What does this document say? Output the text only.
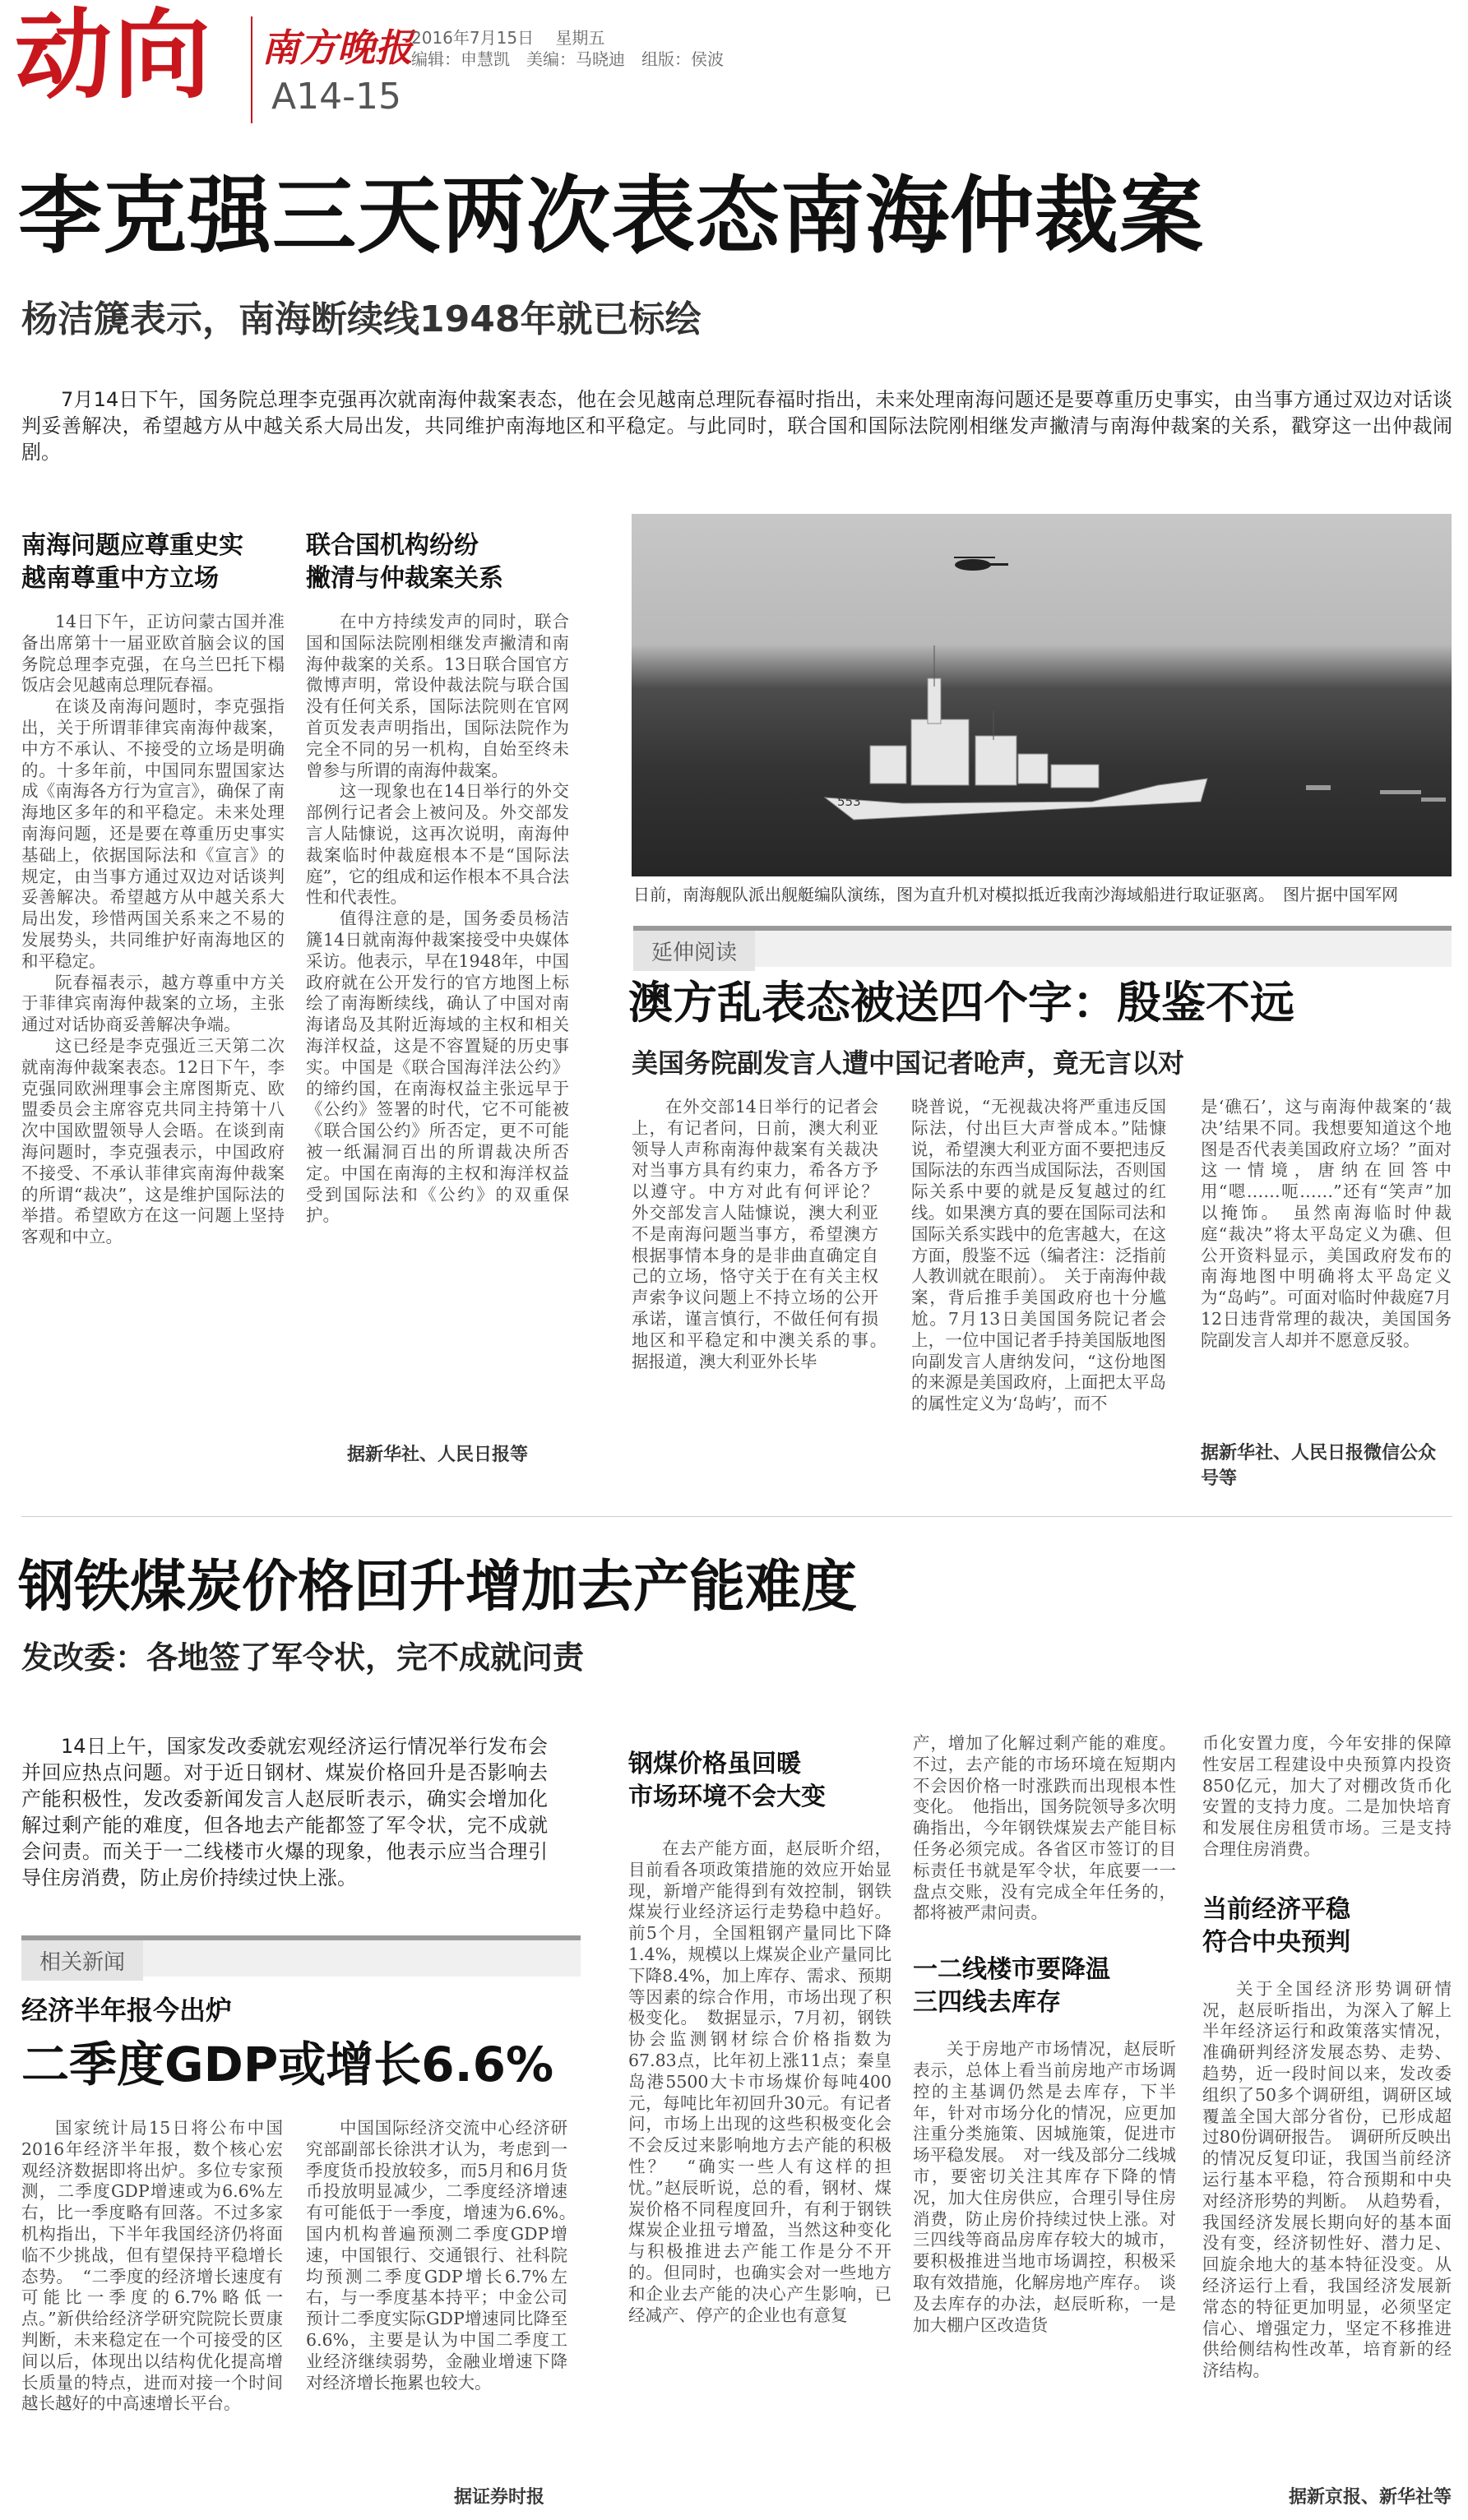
动向 南方晚报
2016年7月15日　 星期五
编辑：申慧凯　美编：马晓迪　组版：侯波
A14-15
李克强三天两次表态南海仲裁案
杨洁篪表示，南海断续线1948年就已标绘
7月14日下午，国务院总理李克强再次就南海仲裁案表态，他在会见越南总理阮春福时指出，未来处理南海问题还是要尊重历史事实，由当事方通过双边对话谈判妥善解决，希望越方从中越关系大局出发，共同维护南海地区和平稳定。与此同时，联合国和国际法院刚相继发声撇清与南海仲裁案的关系，戳穿这一出仲裁闹剧。
南海问题应尊重史实
越南尊重中方立场

14日下午，正访问蒙古国并准备出席第十一届亚欧首脑会议的国务院总理李克强，在乌兰巴托下榻饭店会见越南总理阮春福。

在谈及南海问题时，李克强指出，关于所谓菲律宾南海仲裁案，中方不承认、不接受的立场是明确的。十多年前，中国同东盟国家达成《南海各方行为宣言》，确保了南海地区多年的和平稳定。未来处理南海问题，还是要在尊重历史事实基础上，依据国际法和《宣言》的规定，由当事方通过双边对话谈判妥善解决。希望越方从中越关系大局出发，珍惜两国关系来之不易的发展势头，共同维护好南海地区的和平稳定。

阮春福表示，越方尊重中方关于菲律宾南海仲裁案的立场，主张通过对话协商妥善解决争端。

这已经是李克强近三天第二次就南海仲裁案表态。12日下午，李克强同欧洲理事会主席图斯克、欧盟委员会主席容克共同主持第十八次中国欧盟领导人会晤。在谈到南海问题时，李克强表示，中国政府不接受、不承认菲律宾南海仲裁案的所谓“裁决”，这是维护国际法的举措。希望欧方在这一问题上坚持客观和中立。

联合国机构纷纷
撇清与仲裁案关系

在中方持续发声的同时，联合国和国际法院刚相继发声撇清和南海仲裁案的关系。13日联合国官方微博声明，常设仲裁法院与联合国没有任何关系，国际法院则在官网首页发表声明指出，国际法院作为完全不同的另一机构，自始至终未曾参与所谓的南海仲裁案。

这一现象也在14日举行的外交部例行记者会上被问及。外交部发言人陆慷说，这再次说明，南海仲裁案临时仲裁庭根本不是“国际法庭”，它的组成和运作根本不具合法性和代表性。

值得注意的是，国务委员杨洁篪14日就南海仲裁案接受中央媒体采访。他表示，早在1948年，中国政府就在公开发行的官方地图上标绘了南海断续线，确认了中国对南海诸岛及其附近海域的主权和相关海洋权益，这是不容置疑的历史事实。中国是《联合国海洋法公约》的缔约国，在南海权益主张远早于《公约》签署的时代，它不可能被《联合国公约》所否定，更不可能被一纸漏洞百出的所谓裁决所否定。中国在南海的主权和海洋权益受到国际法和《公约》的双重保护。

据新华社、人民日报等
553
日前，南海舰队派出舰艇编队演练，图为直升机对模拟抵近我南沙海域船进行取证驱离。　图片据中国军网
延伸阅读
澳方乱表态被送四个字：殷鉴不远
美国务院副发言人遭中国记者呛声，竟无言以对
在外交部14日举行的记者会上，有记者问，日前，澳大利亚领导人声称南海仲裁案有关裁决对当事方具有约束力，希各方予以遵守。中方对此有何评论？　外交部发言人陆慷说，澳大利亚不是南海问题当事方，希望澳方根据事情本身的是非曲直确定自己的立场，恪守关于在有关主权声索争议问题上不持立场的公开承诺，谨言慎行，不做任何有损地区和平稳定和中澳关系的事。　据报道，澳大利亚外长毕
晓普说，“无视裁决将严重违反国际法，付出巨大声誉成本。”陆慷说，希望澳大利亚方面不要把违反国际法的东西当成国际法，否则国际关系中要的就是反复越过的红线。如果澳方真的要在国际司法和国际关系实践中的危害越大，在这方面，殷鉴不远（编者注：泛指前人教训就在眼前）。　关于南海仲裁案，背后推手美国政府也十分尴尬。7月13日美国国务院记者会上，一位中国记者手持美国版地图向副发言人唐纳发问，“这份地图的来源是美国政府，上面把太平岛的属性定义为‘岛屿’，而不
是‘礁石’，这与南海仲裁案的‘裁决’结果不同。我想要知道这个地图是否代表美国政府立场？”面对这一情境，唐纳在回答中用“嗯……呃……”还有“笑声”加以掩饰。　虽然南海临时仲裁庭“裁决”将太平岛定义为礁、但公开资料显示，美国政府发布的南海地图中明确将太平岛定义为“岛屿”。可面对临时仲裁庭7月12日违背常理的裁决，美国国务院副发言人却并不愿意反驳。
据新华社、人民日报微信公众号等
钢铁煤炭价格回升增加去产能难度
发改委：各地签了军令状，完不成就问责
14日上午，国家发改委就宏观经济运行情况举行发布会并回应热点问题。对于近日钢材、煤炭价格回升是否影响去产能积极性，发改委新闻发言人赵辰昕表示，确实会增加化解过剩产能的难度，但各地去产能都签了军令状，完不成就会问责。而关于一二线楼市火爆的现象，他表示应当合理引导住房消费，防止房价持续过快上涨。
钢煤价格虽回暖
市场环境不会大变
在去产能方面，赵辰昕介绍，目前看各项政策措施的效应开始显现，新增产能得到有效控制，钢铁煤炭行业经济运行走势稳中趋好。前5个月，全国粗钢产量同比下降1.4%，规模以上煤炭企业产量同比下降8.4%，加上库存、需求、预期等因素的综合作用，市场出现了积极变化。　数据显示，7月初，钢铁协会监测钢材综合价格指数为67.83点，比年初上涨11点；秦皇岛港5500大卡市场煤价每吨400元，每吨比年初回升30元。有记者问，市场上出现的这些积极变化会不会反过来影响地方去产能的积极性？　“确实一些人有这样的担忧。”赵辰昕说，总的看，钢材、煤炭价格不同程度回升，有利于钢铁煤炭企业扭亏增盈，当然这种变化与积极推进去产能工作是分不开的。但同时，也确实会对一些地方和企业去产能的决心产生影响，已经减产、停产的企业也有意复
产，增加了化解过剩产能的难度。不过，去产能的市场环境在短期内不会因价格一时涨跌而出现根本性变化。　他指出，国务院领导多次明确指出，今年钢铁煤炭去产能目标任务必须完成。各省区市签订的目标责任书就是军令状，年底要一一盘点交账，没有完成全年任务的，都将被严肃问责。
一二线楼市要降温
三四线去库存
关于房地产市场情况，赵辰昕表示，总体上看当前房地产市场调控的主基调仍然是去库存，下半年，针对市场分化的情况，应更加注重分类施策、因城施策，促进市场平稳发展。　对一线及部分二线城市，要密切关注其库存下降的情况，加大住房供应，合理引导住房消费，防止房价持续过快上涨。对三四线等商品房库存较大的城市，要积极推进当地市场调控，积极采取有效措施，化解房地产库存。　谈及去库存的办法，赵辰昕称，一是加大棚户区改造货
币化安置力度，今年安排的保障性安居工程建设中央预算内投资850亿元，加大了对棚改货币化安置的支持力度。二是加快培育和发展住房租赁市场。三是支持合理住房消费。
当前经济平稳
符合中央预判
关于全国经济形势调研情况，赵辰昕指出，为深入了解上半年经济运行和政策落实情况，准确研判经济发展态势、走势、趋势，近一段时间以来，发改委组织了50多个调研组，调研区域覆盖全国大部分省份，已形成超过80份调研报告。　调研所反映出的情况反复印证，我国当前经济运行基本平稳，符合预期和中央对经济形势的判断。　从趋势看，我国经济发展长期向好的基本面没有变，经济韧性好、潜力足、回旋余地大的基本特征没变。从经济运行上看，我国经济发展新常态的特征更加明显，必须坚定信心、增强定力，坚定不移推进供给侧结构性改革，培育新的经济结构。
据新京报、新华社等
相关新闻
经济半年报今出炉
二季度GDP或增长6.6%
国家统计局15日将公布中国2016年经济半年报，数个核心宏观经济数据即将出炉。多位专家预测，二季度GDP增速或为6.6%左右，比一季度略有回落。不过多家机构指出，下半年我国经济仍将面临不少挑战，但有望保持平稳增长态势。　“二季度的经济增长速度有可能比一季度的6.7%略低一点。”新供给经济学研究院院长贾康判断，未来稳定在一个可接受的区间以后，体现出以结构优化提高增长质量的特点，进而对接一个时间越长越好的中高速增长平台。
中国国际经济交流中心经济研究部副部长徐洪才认为，考虑到一季度货币投放较多，而5月和6月货币投放明显减少，二季度经济增速有可能低于一季度，增速为6.6%。　国内机构普遍预测二季度GDP增速，中国银行、交通银行、社科院均预测二季度GDP增长6.7%左右，与一季度基本持平；中金公司预计二季度实际GDP增速同比降至6.6%，主要是认为中国二季度工业经济继续弱势，金融业增速下降对经济增长拖累也较大。
据证券时报
